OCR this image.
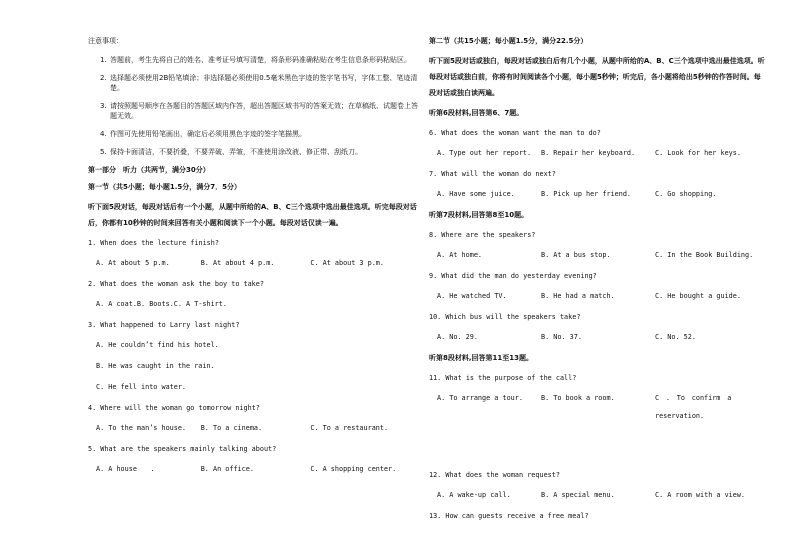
注意事项：
1. 答题前，考生先将自己的姓名、准考证号填写清楚，将条形码准确粘贴在考生信息条形码粘贴区。
2. 选择题必须使用2B铅笔填涂；非选择题必须使用0.5毫米黑色字迹的签字笔书写，字体工整、笔迹清楚。
3. 请按照题号顺序在各题目的答题区域内作答，超出答题区域书写的答案无效；在草稿纸、试题卷上答题无效。
4. 作图可先使用铅笔画出，确定后必须用黑色字迹的签字笔描黑。
5. 保持卡面清洁，不要折叠，不要弄破、弄皱，不准使用涂改液、修正带、刮纸刀。
第一部分　听力（共两节，满分30分）
第一节（共5小题；每小题1.5分，满分7．5分）
听下面5段对话，每段对话后有一个小题，从题中所给的A、B、C三个选项中选出最佳选项。听完每段对话后，你都有10秒钟的时间来回答有关小题和阅读下一个小题。每段对话仅读一遍。
1. When does the lecture finish?
A. At about 5 p.m.	B. At about 4 p.m.	C. At about 3 p.m.
2. What does the woman ask the boy to take?
A. A coat. B. Boots. C. A T-shirt.
3. What happened to Larry last night?
A. He couldn’t find his hotel.
B. He was caught in the rain.
C. He fell into water.
4. Where will the woman go tomorrow night?
A. To the man’s house.	B. To a cinema.	C. To a restaurant.
5. What are the speakers mainly talking about?
A. A house　　.	B. An office.	C. A shopping center.
第二节（共15小题；每小题1.5分，满分22.5分）
听下面5段对话或独白，每段对话或独白后有几个小题，从题中所给的A、B、C三个选项中选出最佳选项。听每段对话或独白前，你将有时间阅读各个小题，每小题5秒钟；听完后，各小题将给出5秒钟的作答时间。每段对话或独白读两遍。
听第6段材料,回答第6、7题。
6. What does the woman want the man to do?
A. Type out her report.	B. Repair her keyboard.	C. Look for her keys.
7. What will the woman do next?
A. Have some juice.	B. Pick up her friend.	C. Go shopping.
听第7段材料,回答第8至10题。
8. Where are the speakers?
A. At home.	B. At a bus stop.	C. In the Book Building.
9. What did the man do yesterday evening?
A. He watched TV.	B. He had a match.	C. He bought a guide.
10. Which bus will the speakers take?
A. No. 29.	B. No. 37.	C. No. 52.
听第8段材料,回答第11至13题。
11. What is the purpose of the call?
A. To arrange a tour.	B. To book a room.	C　.　To　confirm　a reservation.
12. What does the woman request?
A. A wake-up call.	B. A special menu.	C. A room with a view.
13. How can guests receive a free meal?
